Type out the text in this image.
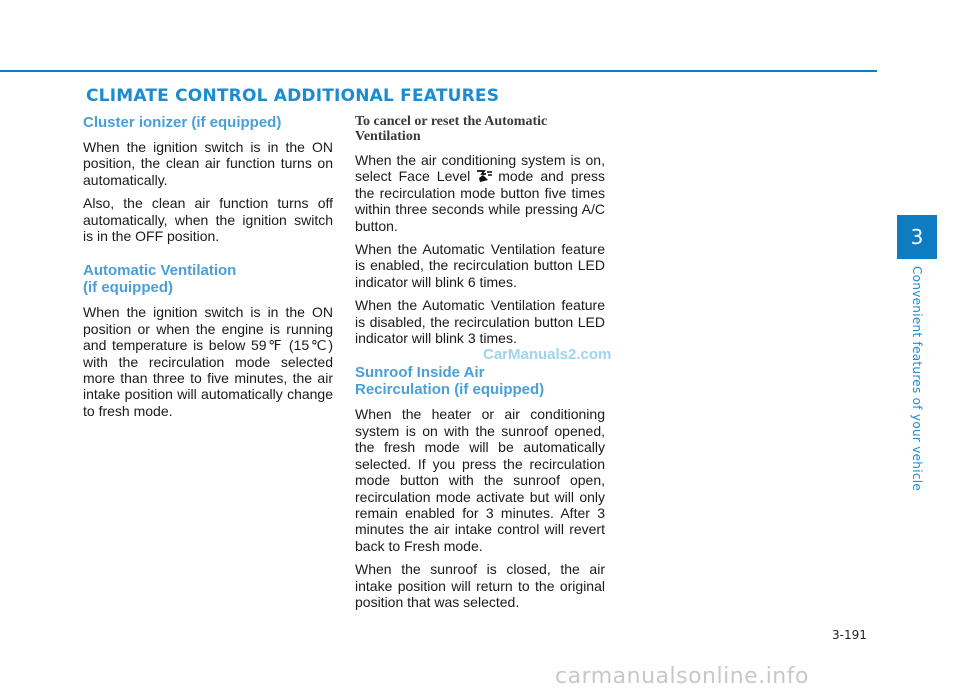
CLIMATE CONTROL ADDITIONAL FEATURES
Cluster ionizer (if equipped)

When the ignition switch is in the ON position, the clean air function turns on automatically.

Also, the clean air function turns off automatically, when the ignition switch is in the OFF position.

Automatic Ventilation
(if equipped)

When the ignition switch is in the ON position or when the engine is running and temperature is below 59℉ (15℃) with the recirculation mode selected more than three to five minutes, the air intake position will automatically change to fresh mode.

To cancel or reset the Automatic Ventilation

When the air conditioning system is on, select Face Level mode and press the recirculation mode button five times within three seconds while pressing A/C button.

When the Automatic Ventilation feature is enabled, the recirculation button LED indicator will blink 6 times.

When the Automatic Ventilation feature is disabled, the recirculation button LED indicator will blink 3 times.

Sunroof Inside Air
Recirculation (if equipped)

When the heater or air conditioning system is on with the sunroof opened, the fresh mode will be automatically selected. If you press the recirculation mode button with the sunroof open, recirculation mode activate but will only remain enabled for 3 minutes. After 3 minutes the air intake control will revert back to Fresh mode.

When the sunroof is closed, the air intake position will return to the original position that was selected.

CarManuals2.com
3
Convenient features of your vehicle
3-191
carmanualsonline.info
